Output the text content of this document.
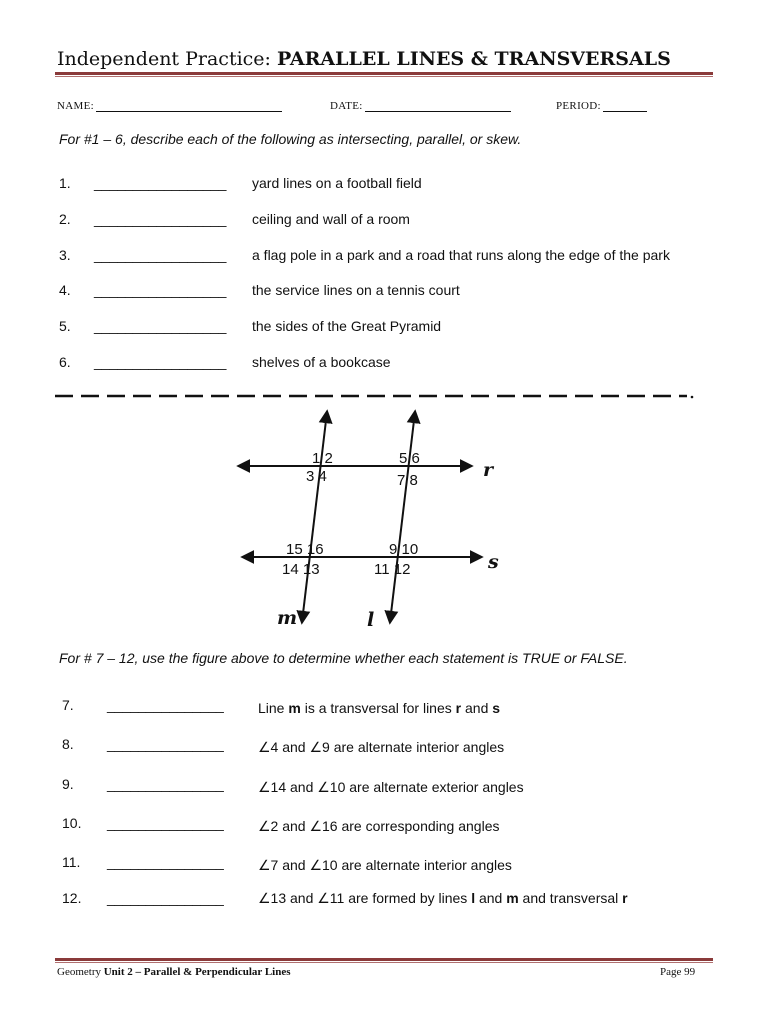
Independent Practice: PARALLEL LINES & TRANSVERSALS
NAME:	DATE:	PERIOD:
For #1 – 6, describe each of the following as intersecting, parallel, or skew.
1. _________________ yard lines on a football field
2. _________________ ceiling and wall of a room
3. _________________ a flag pole in a park and a road that runs along the edge of the park
4. _________________ the service lines on a tennis court
5. _________________ the sides of the Great Pyramid
6. _________________ shelves of a bookcase
1 2
3 4
5 6
7 8
15 16
14 13
9 10
11 12
r
s
m	l
For # 7 – 12, use the figure above to determine whether each statement is TRUE or FALSE.
7. _______________ Line m is a transversal for lines r and s
8. _______________ ∠4 and ∠9 are alternate interior angles
9. _______________ ∠14 and ∠10 are alternate exterior angles
10. _______________ ∠2 and ∠16 are corresponding angles
11. _______________ ∠7 and ∠10 are alternate interior angles
12. _______________ ∠13 and ∠11 are formed by lines l and m and transversal r
Geometry Unit 2 – Parallel & Perpendicular Lines	Page 99
